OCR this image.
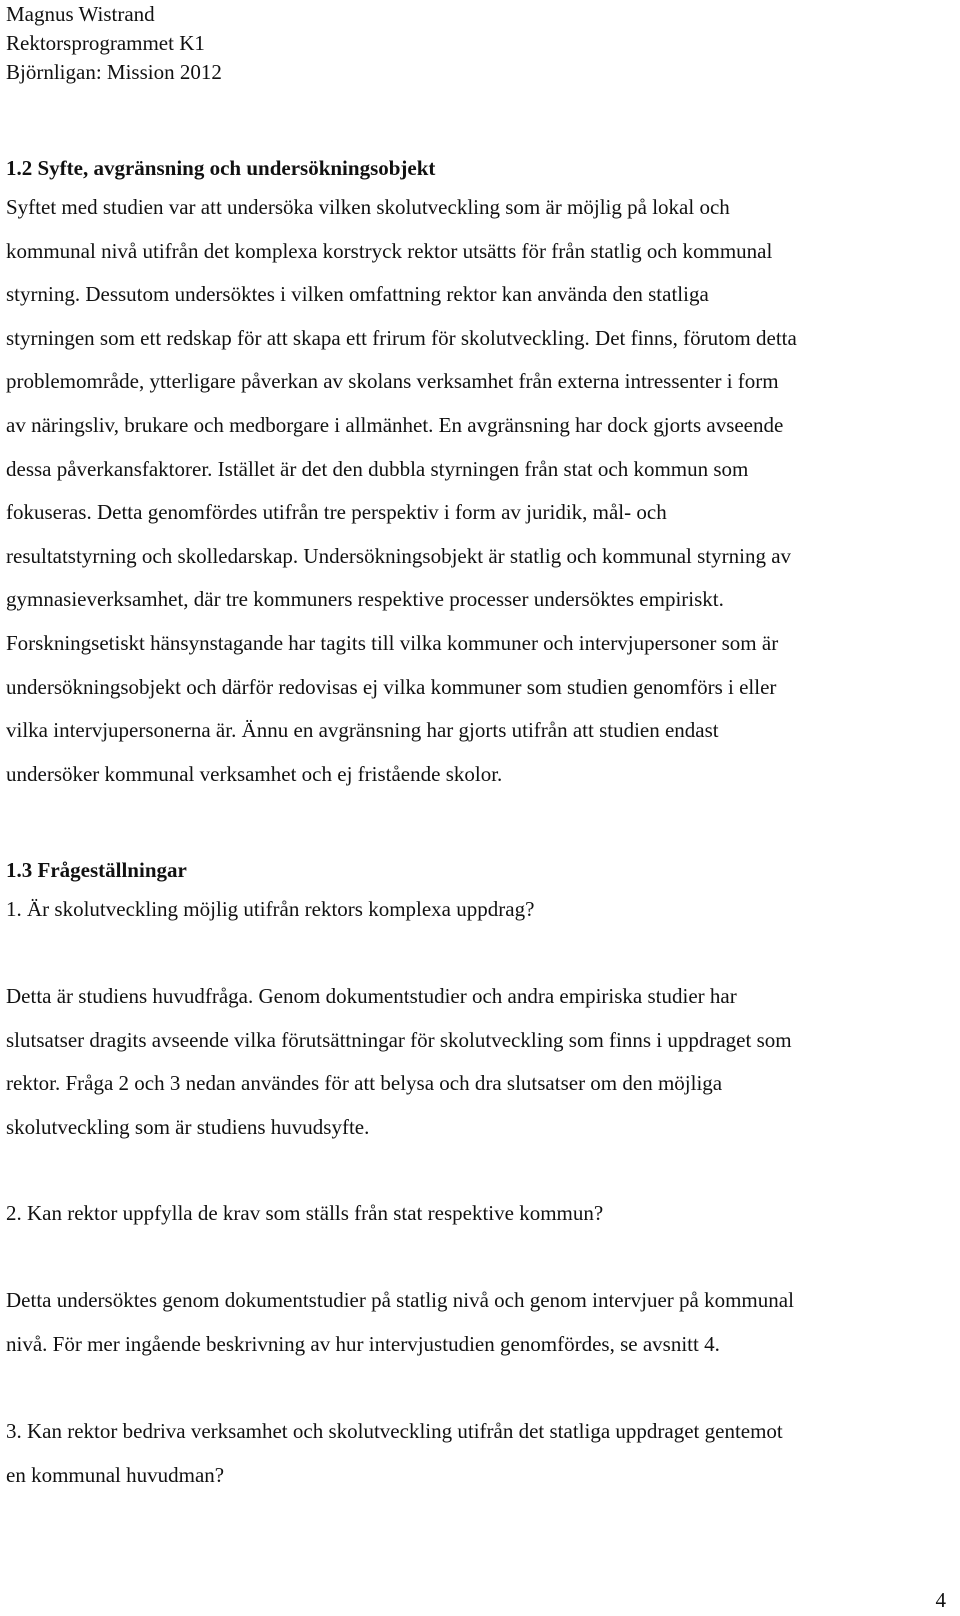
Magnus Wistrand
Rektorsprogrammet K1
Björnligan: Mission 2012
1.2 Syfte, avgränsning och undersökningsobjekt
Syftet med studien var att undersöka vilken skolutveckling som är möjlig på lokal och
kommunal nivå utifrån det komplexa korstryck rektor utsätts för från statlig och kommunal
styrning. Dessutom undersöktes i vilken omfattning rektor kan använda den statliga
styrningen som ett redskap för att skapa ett frirum för skolutveckling. Det finns, förutom detta
problemområde, ytterligare påverkan av skolans verksamhet från externa intressenter i form
av näringsliv, brukare och medborgare i allmänhet. En avgränsning har dock gjorts avseende
dessa påverkansfaktorer. Istället är det den dubbla styrningen från stat och kommun som
fokuseras. Detta genomfördes utifrån tre perspektiv i form av juridik, mål- och
resultatstyrning och skolledarskap. Undersökningsobjekt är statlig och kommunal styrning av
gymnasieverksamhet, där tre kommuners respektive processer undersöktes empiriskt.
Forskningsetiskt hänsynstagande har tagits till vilka kommuner och intervjupersoner som är
undersökningsobjekt och därför redovisas ej vilka kommuner som studien genomförs i eller
vilka intervjupersonerna är. Ännu en avgränsning har gjorts utifrån att studien endast
undersöker kommunal verksamhet och ej fristående skolor.
1.3 Frågeställningar
1. Är skolutveckling möjlig utifrån rektors komplexa uppdrag?
Detta är studiens huvudfråga. Genom dokumentstudier och andra empiriska studier har
slutsatser dragits avseende vilka förutsättningar för skolutveckling som finns i uppdraget som
rektor. Fråga 2 och 3 nedan användes för att belysa och dra slutsatser om den möjliga
skolutveckling som är studiens huvudsyfte.
2. Kan rektor uppfylla de krav som ställs från stat respektive kommun?
Detta undersöktes genom dokumentstudier på statlig nivå och genom intervjuer på kommunal
nivå. För mer ingående beskrivning av hur intervjustudien genomfördes, se avsnitt 4.
3. Kan rektor bedriva verksamhet och skolutveckling utifrån det statliga uppdraget gentemot
en kommunal huvudman?
4
